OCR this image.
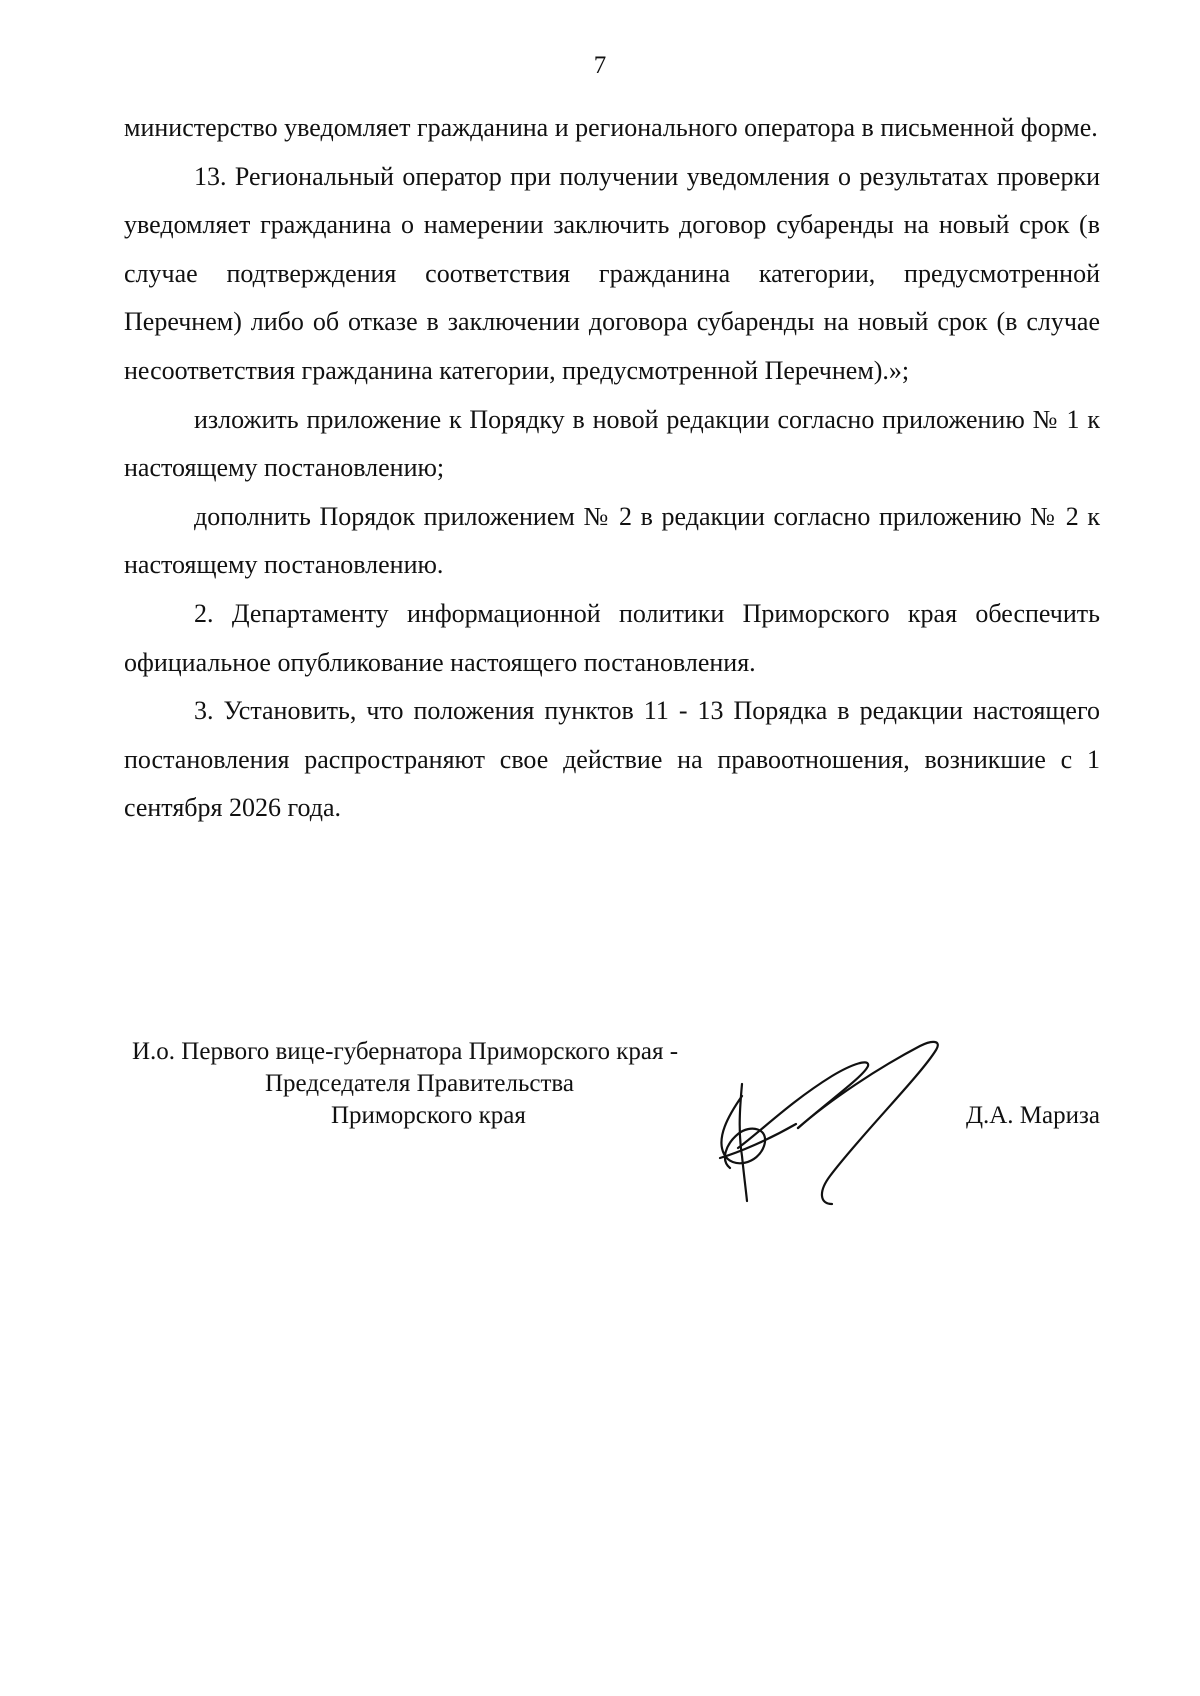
7

министерство уведомляет гражданина и регионального оператора в письменной форме.

13. Региональный оператор при получении уведомления о результатах проверки уведомляет гражданина о намерении заключить договор субаренды на новый срок (в случае подтверждения соответствия гражданина категории, предусмотренной Перечнем) либо об отказе в заключении договора субаренды на новый срок (в случае несоответствия гражданина категории, предусмотренной Перечнем).»;

изложить приложение к Порядку в новой редакции согласно приложению № 1 к настоящему постановлению;

дополнить Порядок приложением № 2 в редакции согласно приложению № 2 к настоящему постановлению.

2. Департаменту информационной политики Приморского края обеспечить официальное опубликование настоящего постановления.

3. Установить, что положения пунктов 11 - 13 Порядка в редакции настоящего постановления распространяют свое действие на правоотношения, возникшие с 1 сентября 2026 года.

И.о. Первого вице-губернатора Приморского края -
Председателя Правительства
Приморского края	Д.А. Мариза
